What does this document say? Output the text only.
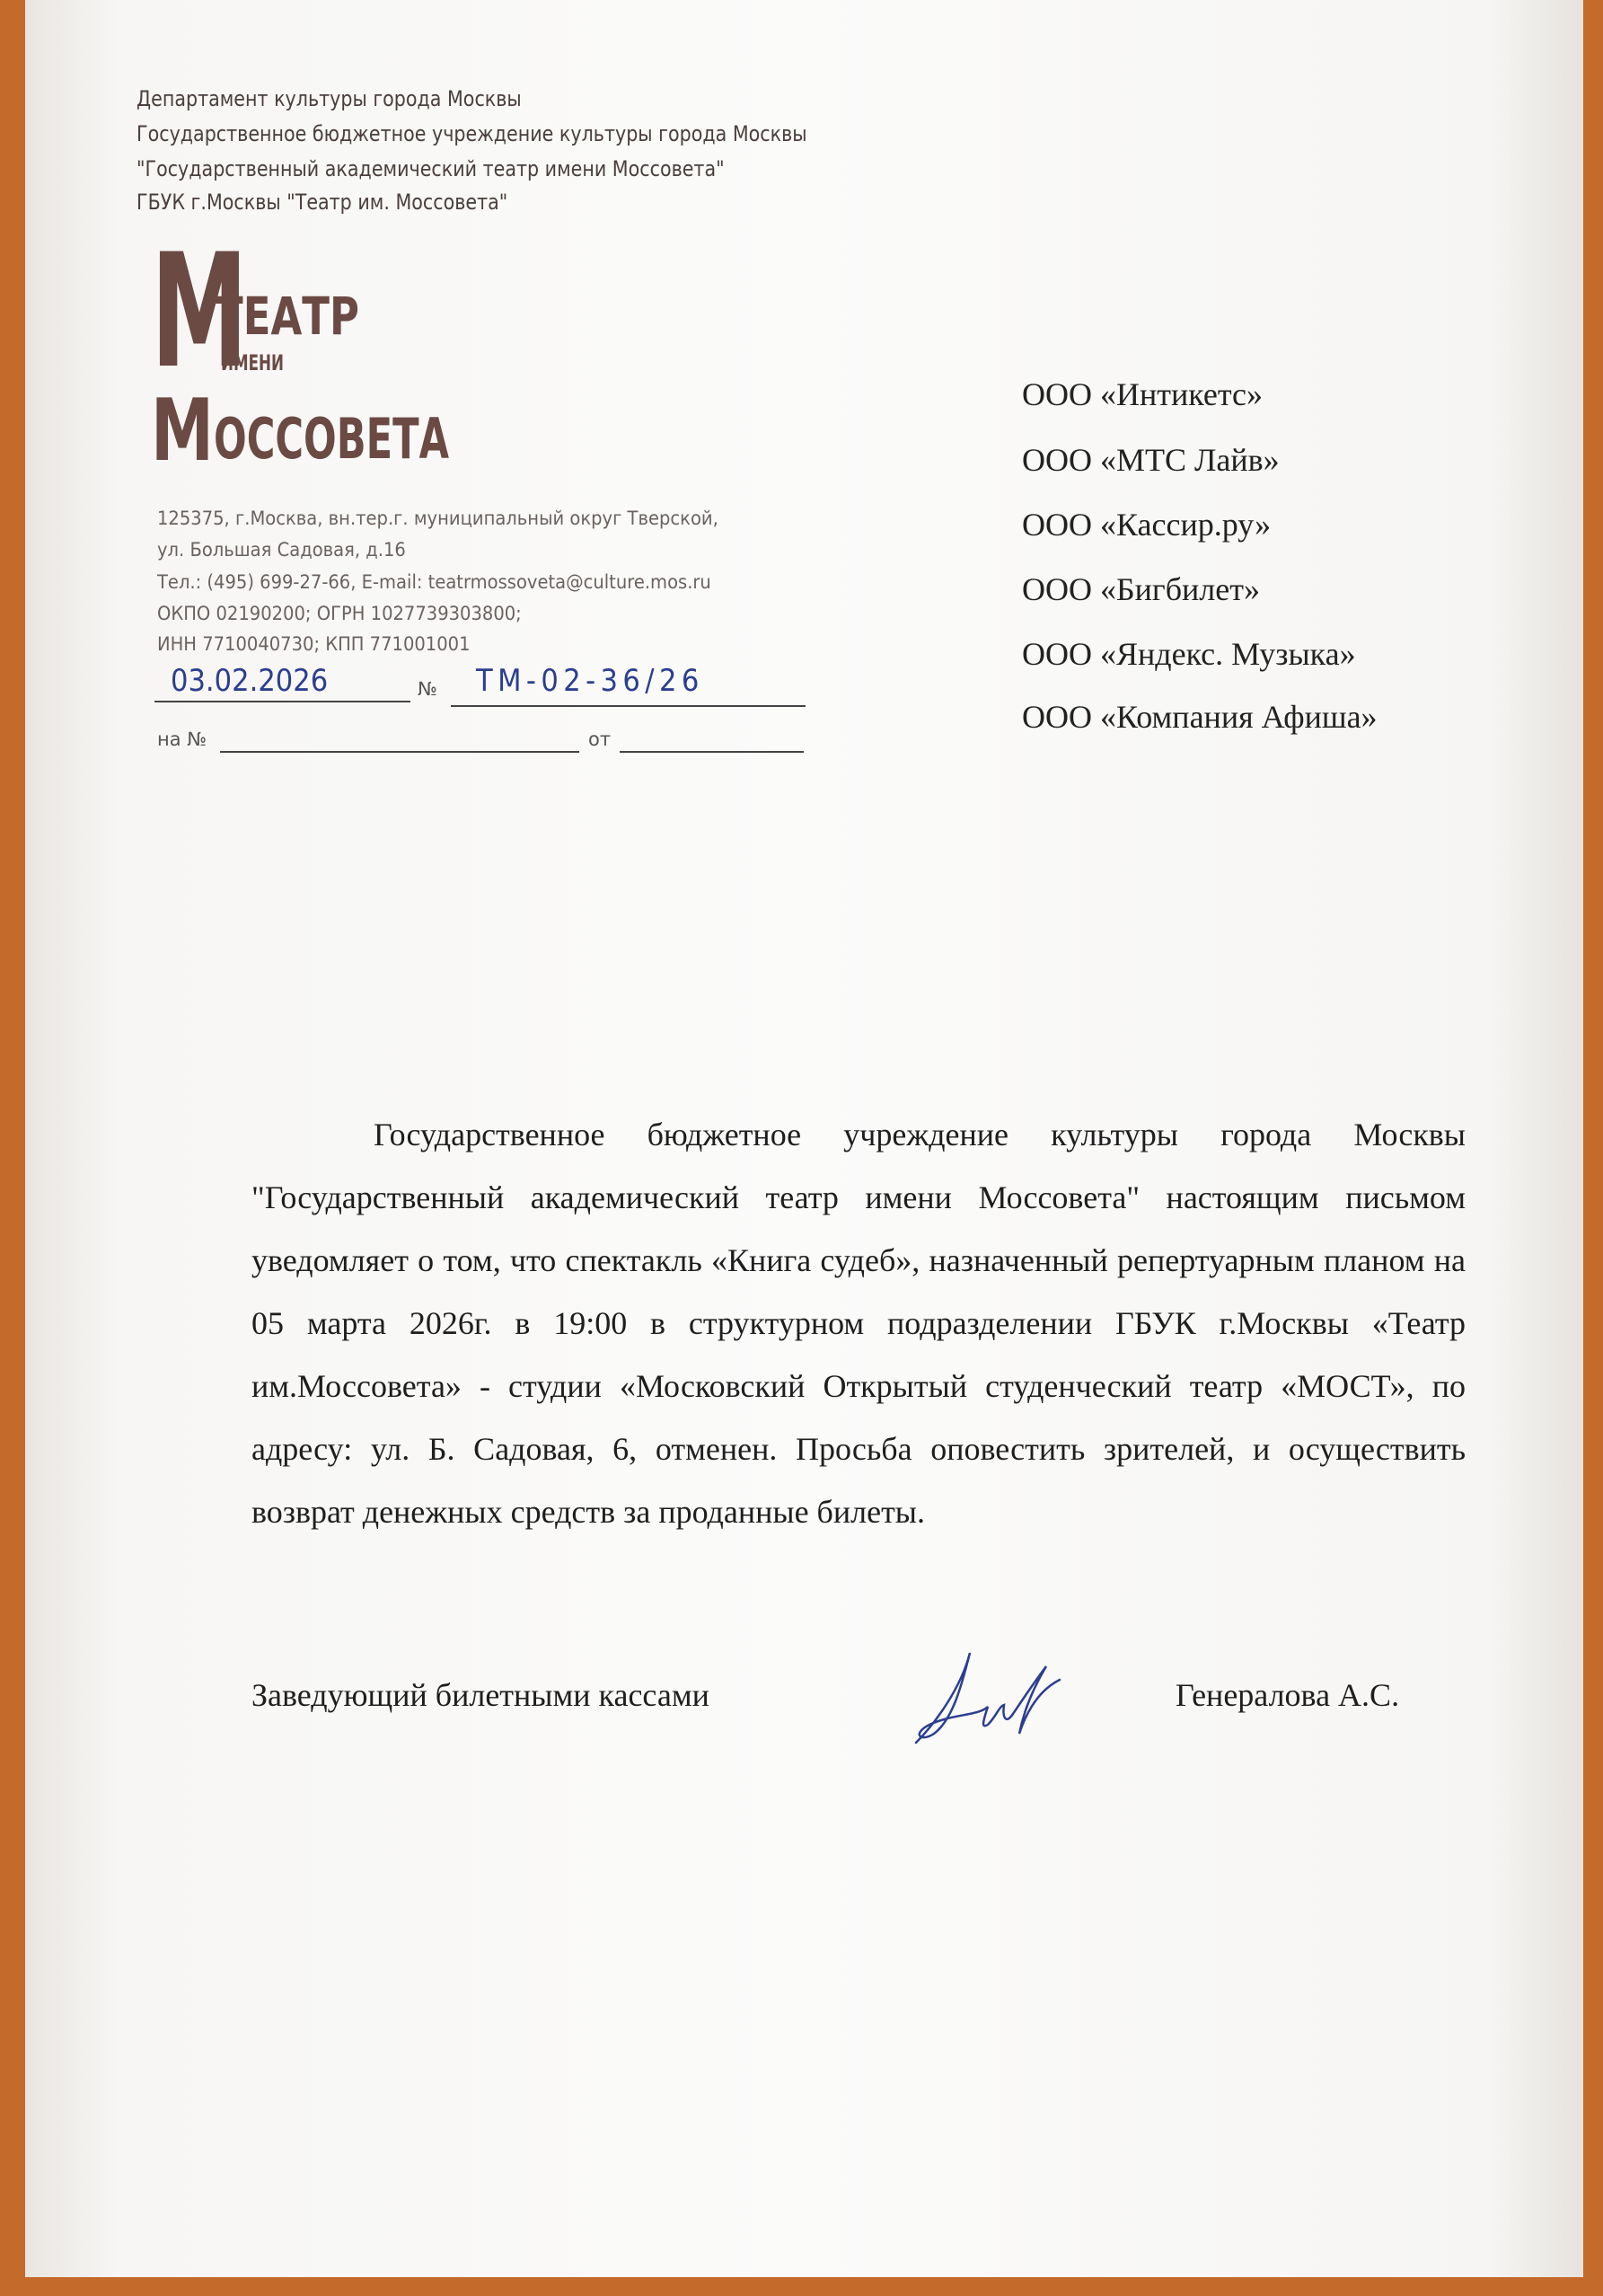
Департамент культуры города Москвы
Государственное бюджетное учреждение культуры города Москвы
"Государственный академический театр имени Моссовета"
ГБУК г.Москвы "Театр им. Моссовета"
М
ТЕАТР
ИМЕНИ
М ОССОВЕТА
125375, г.Москва, вн.тер.г. муниципальный округ Тверской,
ул. Большая Садовая, д.16
Тел.: (495) 699-27-66, E-mail: teatrmossoveta@culture.mos.ru
ОКПО 02190200; ОГРН 1027739303800;
ИНН 7710040730; КПП 771001001
03.02.2026	№ ТМ-02-36/26
на №	от
ООО «Интикетс»
ООО «МТС Лайв»
ООО «Кассир.ру»
ООО «Бигбилет»
ООО «Яндекс. Музыка»
ООО «Компания Афиша»

Государственное бюджетное учреждение культуры города Москвы "Государственный академический театр имени Моссовета" настоящим письмом уведомляет о том, что спектакль «Книга судеб», назначенный репертуарным планом на 05 марта 2026г. в 19:00 в структурном подразделении ГБУК г.Москвы «Театр им.Моссовета» - студии «Московский Открытый студенческий театр «МОСТ», по адресу: ул. Б. Садовая, 6, отменен. Просьба оповестить зрителей, и осуществить возврат денежных средств за проданные билеты.

Заведующий билетными кассами	Генералова А.С.
